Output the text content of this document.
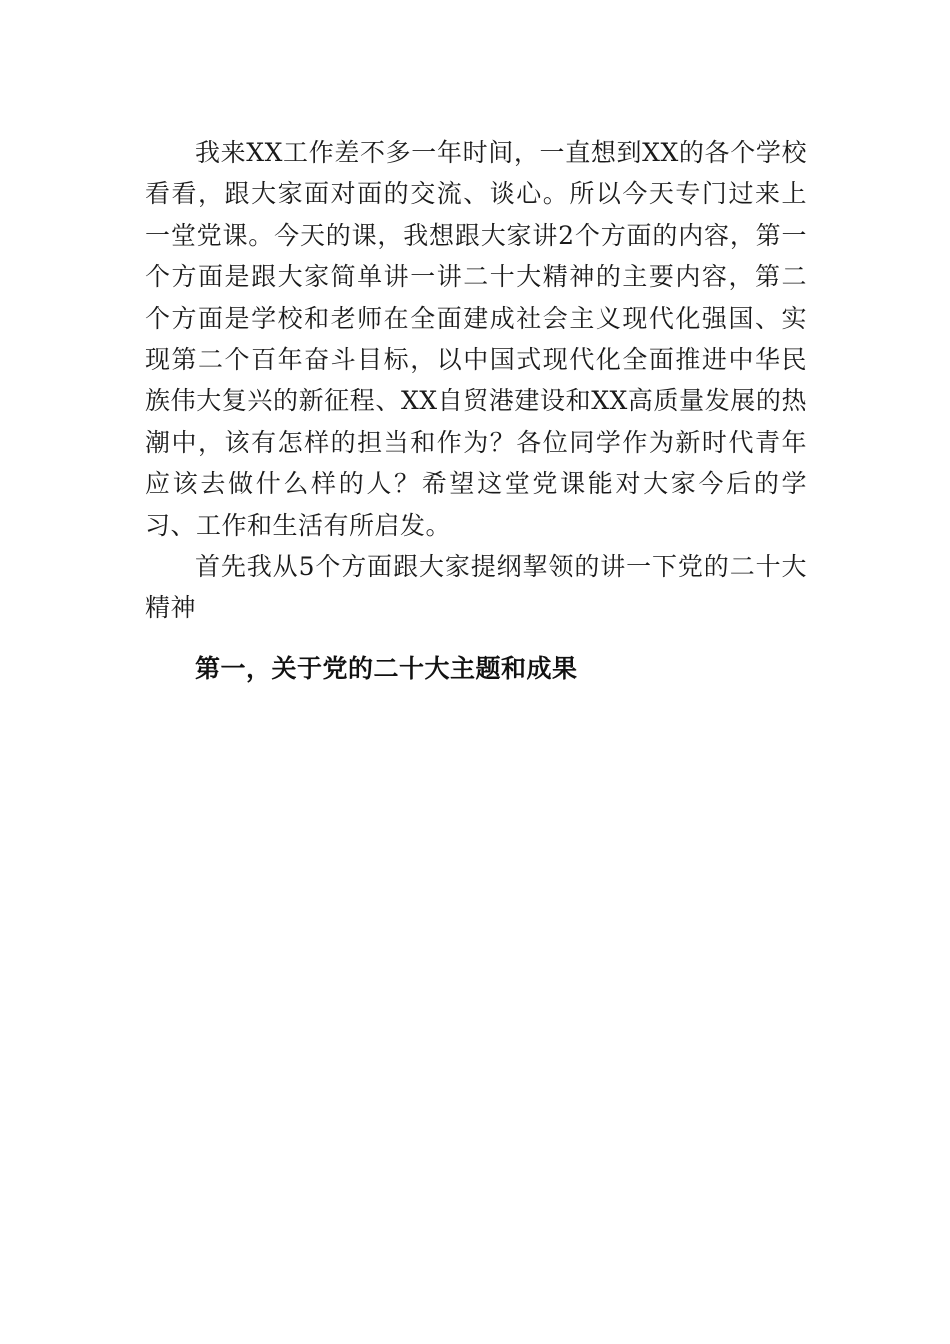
我来XX工作差不多一年时间，一直想到XX的各个学校看看，跟大家面对面的交流、谈心。所以今天专门过来上一堂党课。今天的课，我想跟大家讲2个方面的内容，第一个方面是跟大家简单讲一讲二十大精神的主要内容，第二个方面是学校和老师在全面建成社会主义现代化强国、实现第二个百年奋斗目标，以中国式现代化全面推进中华民族伟大复兴的新征程、XX自贸港建设和XX高质量发展的热潮中，该有怎样的担当和作为？各位同学作为新时代青年应该去做什么样的人？希望这堂党课能对大家今后的学习、工作和生活有所启发。

首先我从5个方面跟大家提纲挈领的讲一下党的二十大精神

第一，关于党的二十大主题和成果
